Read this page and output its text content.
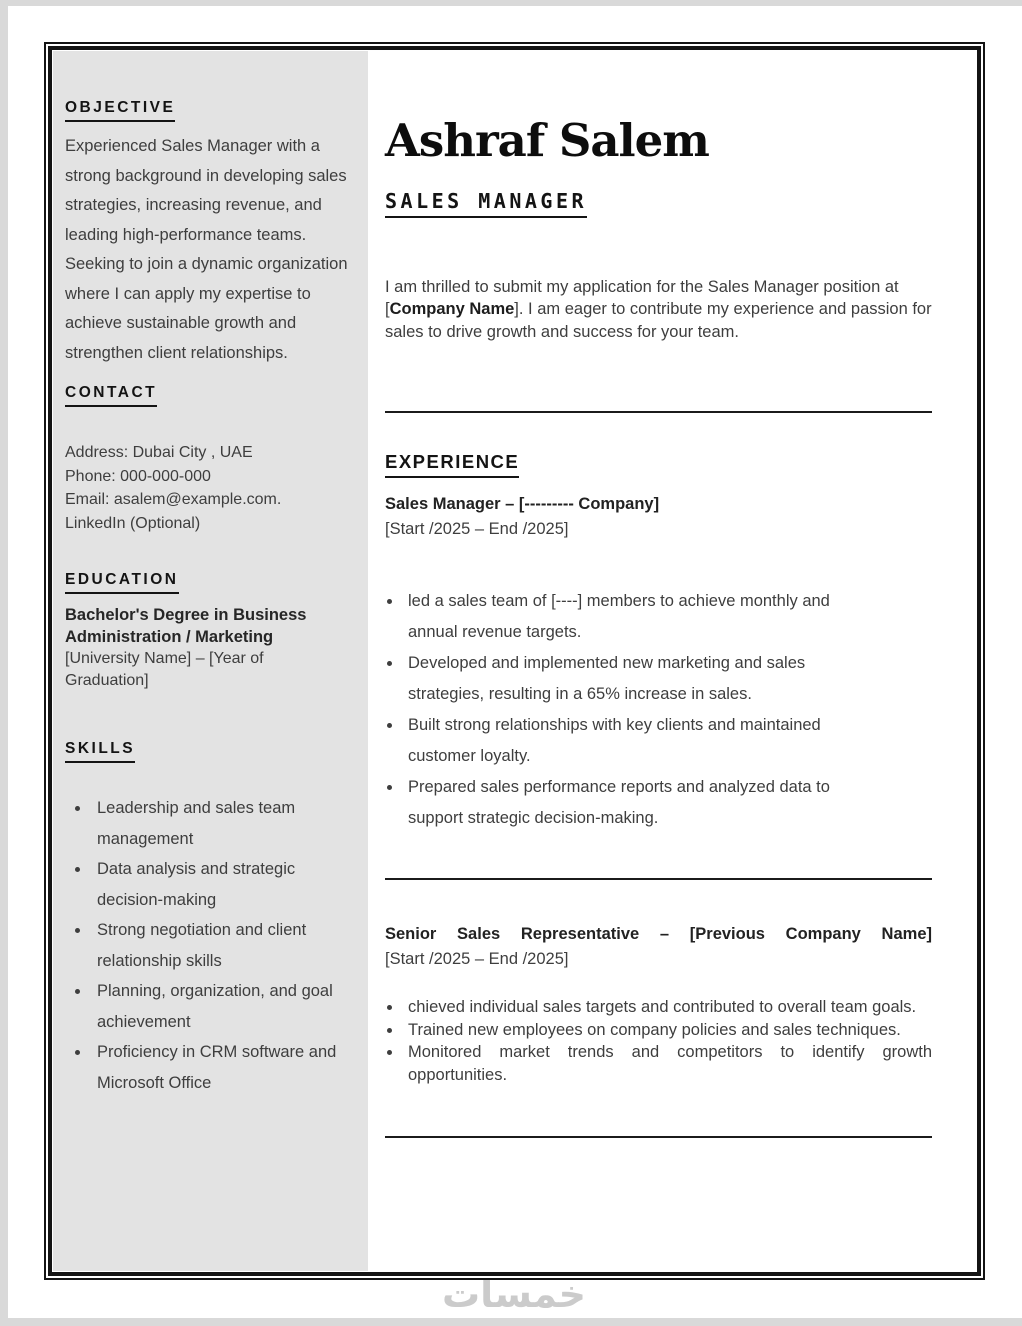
OBJECTIVE

Experienced Sales Manager with a strong background in developing sales strategies, increasing revenue, and leading high-performance teams. Seeking to join a dynamic organization where I can apply my expertise to achieve sustainable growth and strengthen client relationships.

CONTACT

Address: Dubai City , UAE

Phone: 000-000-000

Email: asalem@example.com.

LinkedIn (Optional)

EDUCATION

Bachelor's Degree in Business Administration / Marketing

[University Name] – [Year of Graduation]

SKILLS
• Leadership and sales team management
• Data analysis and strategic decision-making
• Strong negotiation and client relationship skills
• Planning, organization, and goal achievement
• Proficiency in CRM software and Microsoft Office
Ashraf Salem
SALES MANAGER

I am thrilled to submit my application for the Sales Manager position at [Company Name]. I am eager to contribute my experience and passion for sales to drive growth and success for your team.

EXPERIENCE
Sales Manager – [--------- Company]

[Start /2025 – End /2025]

• led a sales team of [----] members to achieve monthly and annual revenue targets.
• Developed and implemented new marketing and sales strategies, resulting in a 65% increase in sales.
• Built strong relationships with key clients and maintained customer loyalty.
• Prepared sales performance reports and analyzed data to support strategic decision-making.
Senior Sales Representative – [Previous Company Name]

[Start /2025 – End /2025]

• chieved individual sales targets and contributed to overall team goals.
• Trained new employees on company policies and sales techniques.
• Monitored market trends and competitors to identify growth opportunities.
خمسات
